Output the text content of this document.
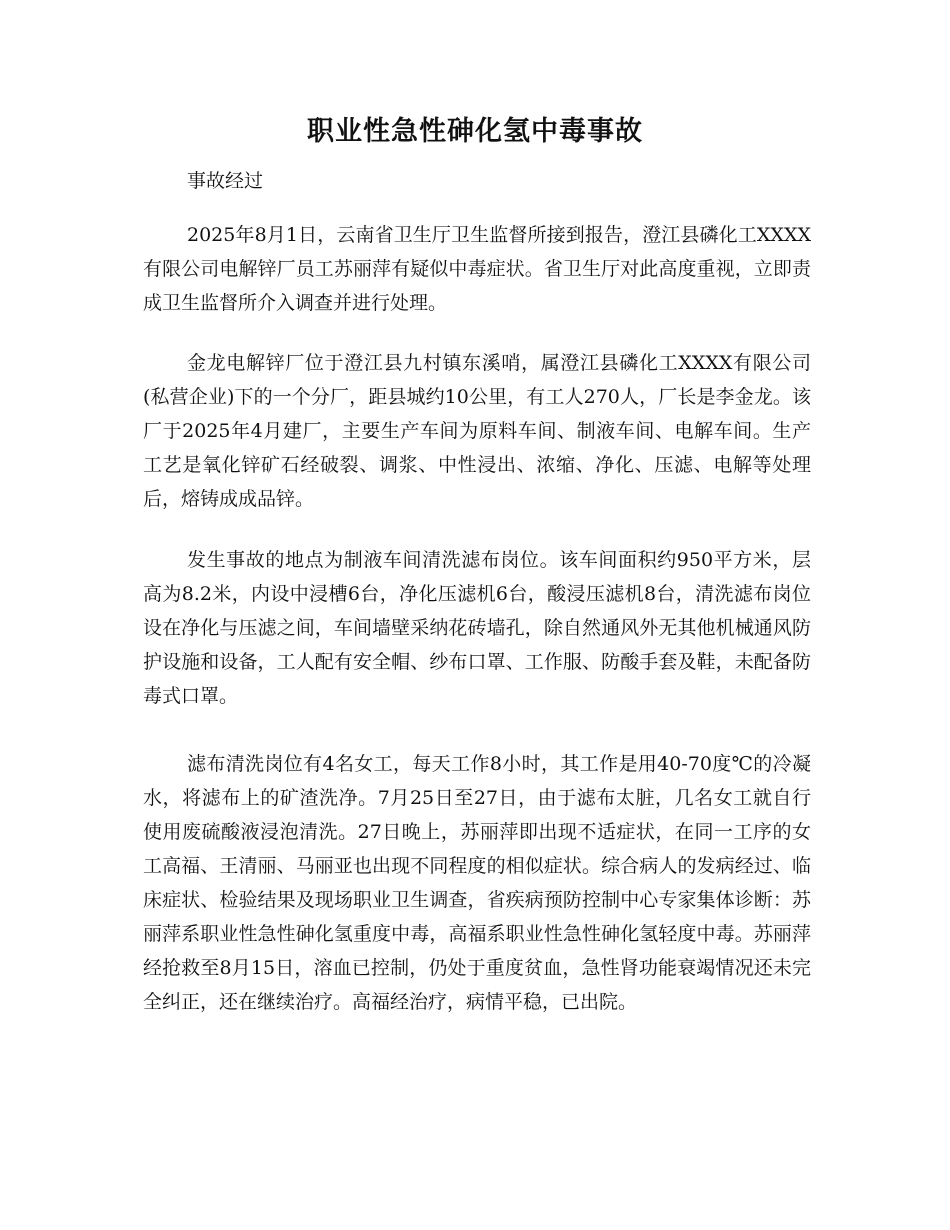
职业性急性砷化氢中毒事故
事故经过

2025年8月1日，云南省卫生厅卫生监督所接到报告，澄江县磷化工XXXX有限公司电解锌厂员工苏丽萍有疑似中毒症状。省卫生厅对此高度重视，立即责成卫生监督所介入调查并进行处理。

金龙电解锌厂位于澄江县九村镇东溪哨，属澄江县磷化工XXXX有限公司(私营企业)下的一个分厂，距县城约10公里，有工人270人，厂长是李金龙。该厂于2025年4月建厂，主要生产车间为原料车间、制液车间、电解车间。生产工艺是氧化锌矿石经破裂、调浆、中性浸出、浓缩、净化、压滤、电解等处理后，熔铸成成品锌。

发生事故的地点为制液车间清洗滤布岗位。该车间面积约950平方米，层高为8.2米，内设中浸槽6台，净化压滤机6台，酸浸压滤机8台，清洗滤布岗位设在净化与压滤之间，车间墙壁采纳花砖墙孔，除自然通风外无其他机械通风防护设施和设备，工人配有安全帽、纱布口罩、工作服、防酸手套及鞋，未配备防毒式口罩。

滤布清洗岗位有4名女工，每天工作8小时，其工作是用40-70度℃的冷凝水，将滤布上的矿渣洗净。7月25日至27日，由于滤布太脏，几名女工就自行使用废硫酸液浸泡清洗。27日晚上，苏丽萍即出现不适症状，在同一工序的女工高福、王清丽、马丽亚也出现不同程度的相似症状。综合病人的发病经过、临床症状、检验结果及现场职业卫生调查，省疾病预防控制中心专家集体诊断：苏丽萍系职业性急性砷化氢重度中毒，高福系职业性急性砷化氢轻度中毒。苏丽萍经抢救至8月15日，溶血已控制，仍处于重度贫血，急性肾功能衰竭情况还未完全纠正，还在继续治疗。高福经治疗，病情平稳，已出院。
